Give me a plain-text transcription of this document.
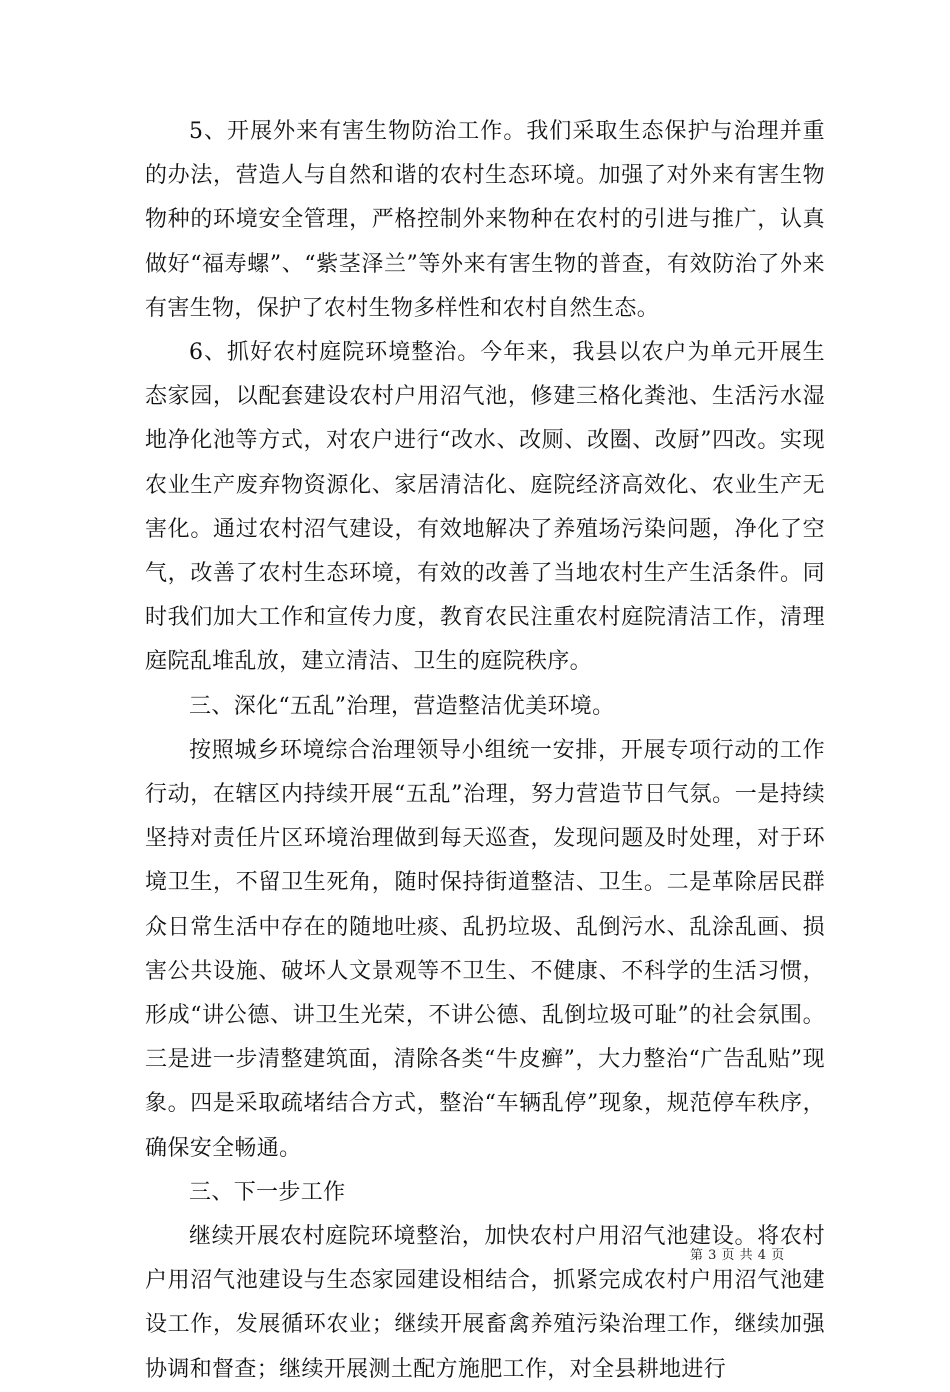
5、开展外来有害生物防治工作。我们采取生态保护与治理并重的办法，营造人与自然和谐的农村生态环境。加强了对外来有害生物物种的环境安全管理，严格控制外来物种在农村的引进与推广，认真做好“福寿螺”、“紫茎泽兰”等外来有害生物的普查，有效防治了外来有害生物，保护了农村生物多样性和农村自然生态。

6、抓好农村庭院环境整治。今年来，我县以农户为单元开展生态家园，以配套建设农村户用沼气池，修建三格化粪池、生活污水湿地净化池等方式，对农户进行“改水、改厕、改圈、改厨”四改。实现农业生产废弃物资源化、家居清洁化、庭院经济高效化、农业生产无害化。通过农村沼气建设，有效地解决了养殖场污染问题，净化了空气，改善了农村生态环境，有效的改善了当地农村生产生活条件。同时我们加大工作和宣传力度，教育农民注重农村庭院清洁工作，清理庭院乱堆乱放，建立清洁、卫生的庭院秩序。

三、深化“五乱”治理，营造整洁优美环境。

按照城乡环境综合治理领导小组统一安排，开展专项行动的工作行动，在辖区内持续开展“五乱”治理，努力营造节日气氛。一是持续坚持对责任片区环境治理做到每天巡查，发现问题及时处理，对于环境卫生，不留卫生死角，随时保持街道整洁、卫生。二是革除居民群众日常生活中存在的随地吐痰、乱扔垃圾、乱倒污水、乱涂乱画、损害公共设施、破坏人文景观等不卫生、不健康、不科学的生活习惯，形成“讲公德、讲卫生光荣，不讲公德、乱倒垃圾可耻”的社会氛围。三是进一步清整建筑面，清除各类“牛皮癣”，大力整治“广告乱贴”现象。四是采取疏堵结合方式，整治“车辆乱停”现象，规范停车秩序，确保安全畅通。

三、下一步工作

继续开展农村庭院环境整治，加快农村户用沼气池建设。将农村户用沼气池建设与生态家园建设相结合，抓紧完成农村户用沼气池建设工作，发展循环农业；继续开展畜禽养殖污染治理工作，继续加强协调和督查；继续开展测土配方施肥工作，对全县耕地进行

第 3 页 共 4 页
